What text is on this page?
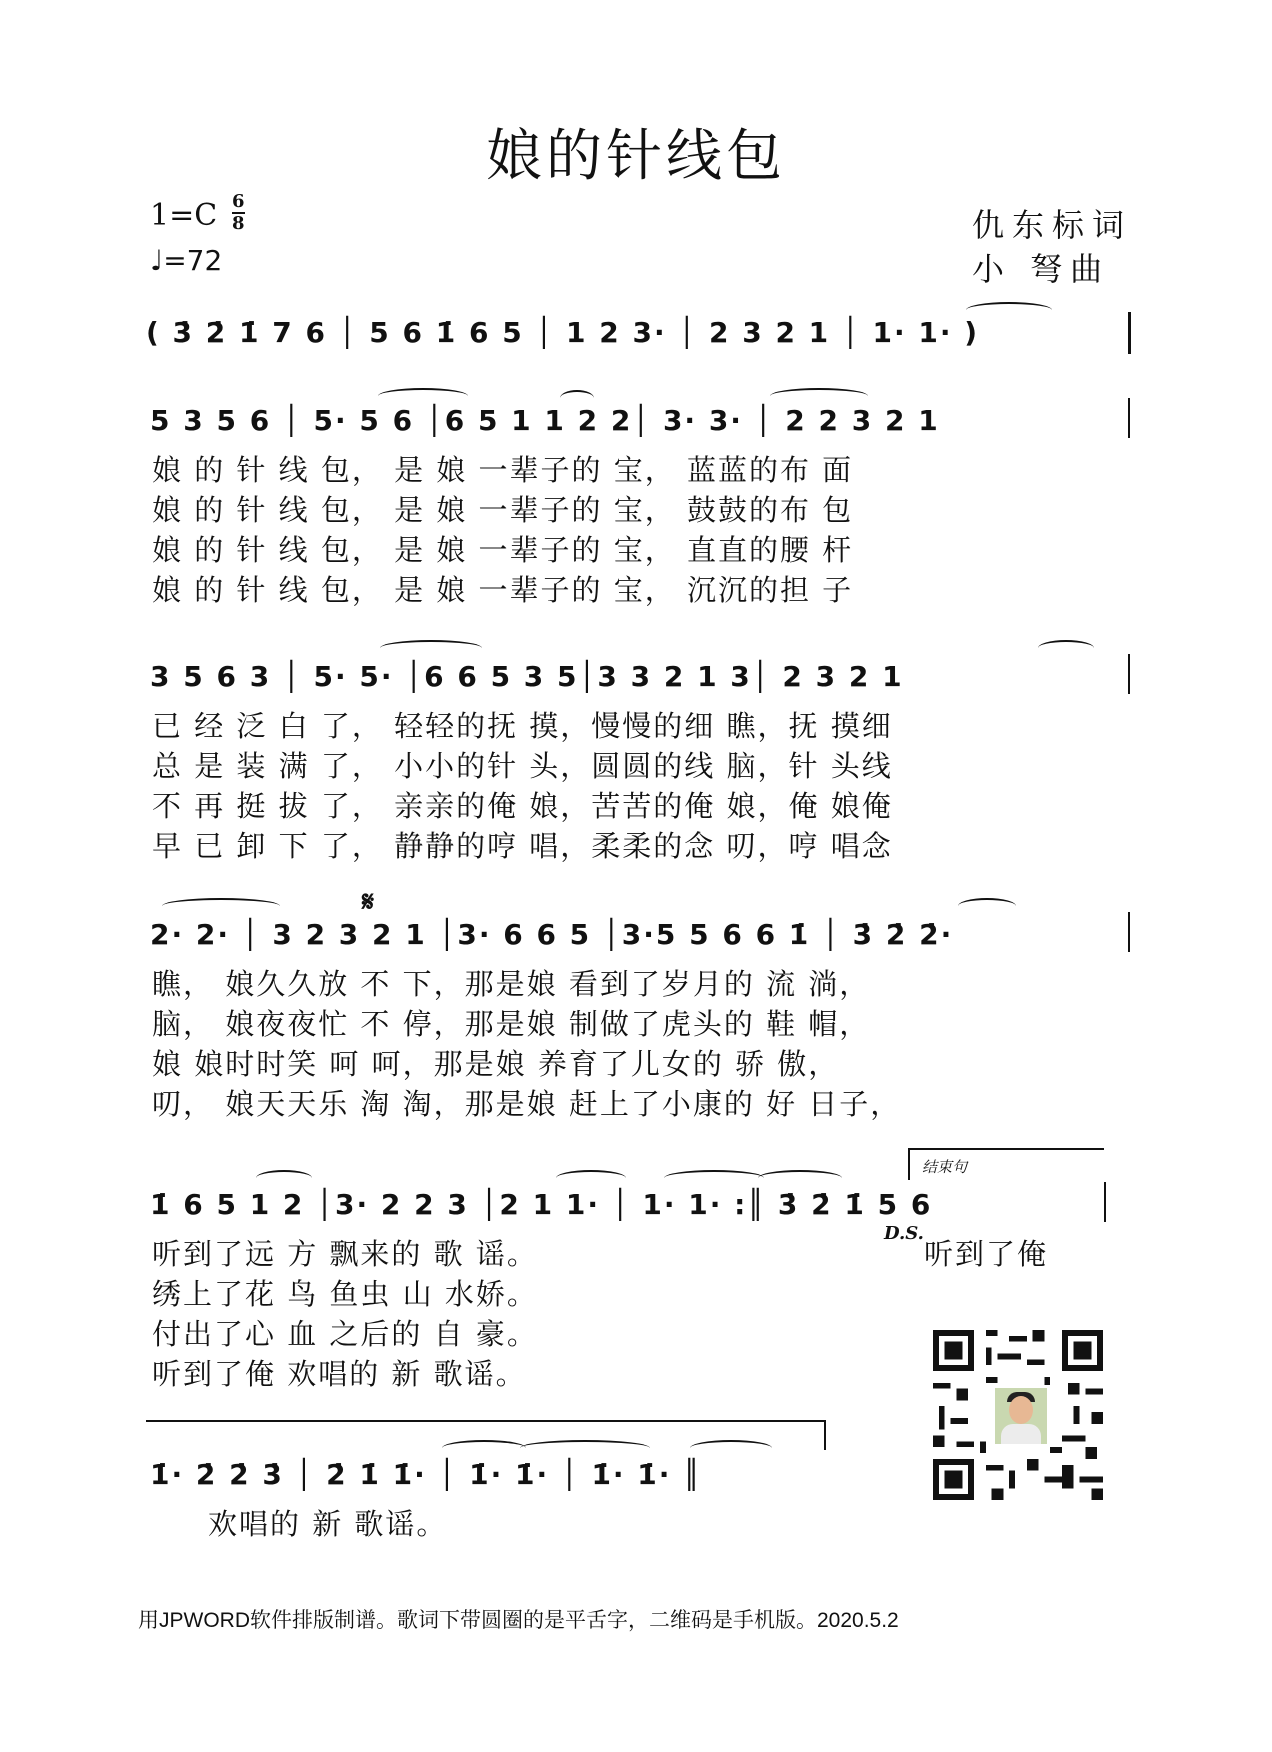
娘的针线包
1=C 6
8
♩=72
仇东标词
小 弩曲
( 3̇ 2̇ 1̇ 7 6 │ 5 6 1̇ 6 5 │ 1 2 3· │ 2 3 2 1 │ 1· 1· )
5 3 5 6 │ 5· 5 6 │6 5 1 1 2 2│ 3· 3· │ 2 2 3 2 1
娘 的 针 线 包， 是 娘 一辈子的 宝， 蓝蓝的布 面
娘 的 针 线 包， 是 娘 一辈子的 宝， 鼓鼓的布 包
娘 的 针 线 包， 是 娘 一辈子的 宝， 直直的腰 杆
娘 的 针 线 包， 是 娘 一辈子的 宝， 沉沉的担 子
3 5 6 3 │ 5· 5· │6 6 5 3 5│3 3 2 1 3│ 2 3 2 1
已 经 泛 白 了， 轻轻的抚 摸，慢慢的细 瞧，抚 摸细
总 是 装 满 了， 小小的针 头，圆圆的线 脑，针 头线
不 再 挺 拔 了， 亲亲的俺 娘，苦苦的俺 娘，俺 娘俺
早 已 卸 下 了， 静静的哼 唱，柔柔的念 叨，哼 唱念
𝄋
2· 2· │ 3 2 3 2 1 │3· 6 6 5 │3·5 5 6 6 1̇ │ 3̇ 2̇ 2̇·
瞧， 娘久久放 不 下，那是娘 看到了岁月的 流 淌，
脑， 娘夜夜忙 不 停，那是娘 制做了虎头的 鞋 帽，
娘 娘时时笑 呵 呵，那是娘 养育了儿女的 骄 傲，
叨， 娘天天乐 淘 淘，那是娘 赶上了小康的 好 日子，
结束句
1̇ 6 5 1 2 │3· 2 2 3 │2 1 1· │ 1· 1· :║ 3̇ 2̇ 1̇ 5 6
听到了远 方 飘来的 歌 谣。
D.S.
听到了俺
绣上了花 鸟 鱼虫 山 水娇。
付出了心 血 之后的 自 豪。
听到了俺 欢唱的 新 歌谣。
1̇· 2̇ 2̇ 3̇ │ 2̇ 1̇ 1̇· │ 1̇· 1̇· │ 1̇· 1̇· ║
欢唱的 新 歌谣。
用JPWORD软件排版制谱。歌词下带圆圈的是平舌字，二维码是手机版。2020.5.2
